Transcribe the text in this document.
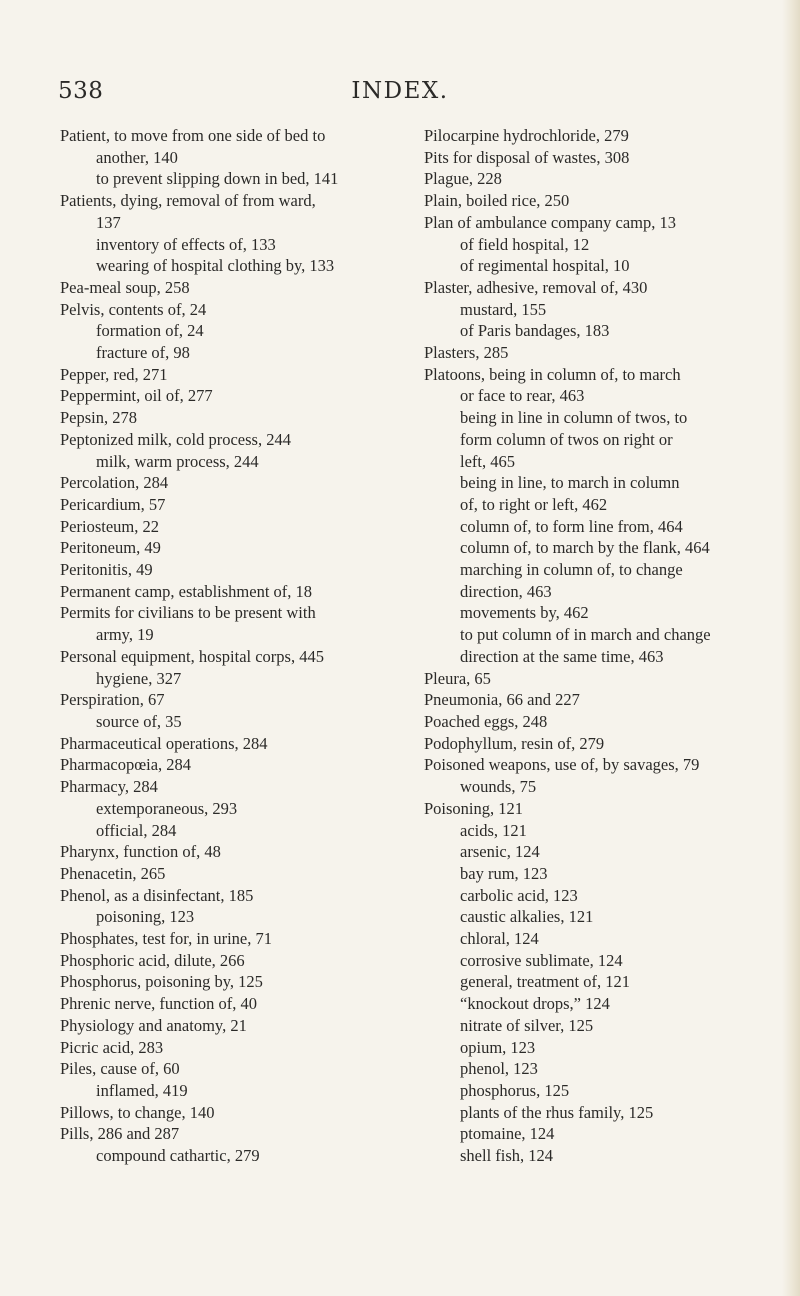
538	INDEX.
Patient, to move from one side of bed to
another, 140
to prevent slipping down in bed, 141
Patients, dying, removal of from ward,
137
inventory of effects of, 133
wearing of hospital clothing by, 133
Pea-meal soup, 258
Pelvis, contents of, 24
formation of, 24
fracture of, 98
Pepper, red, 271
Peppermint, oil of, 277
Pepsin, 278
Peptonized milk, cold process, 244
milk, warm process, 244
Percolation, 284
Pericardium, 57
Periosteum, 22
Peritoneum, 49
Peritonitis, 49
Permanent camp, establishment of, 18
Permits for civilians to be present with
army, 19
Personal equipment, hospital corps, 445
hygiene, 327
Perspiration, 67
source of, 35
Pharmaceutical operations, 284
Pharmacopœia, 284
Pharmacy, 284
extemporaneous, 293
official, 284
Pharynx, function of, 48
Phenacetin, 265
Phenol, as a disinfectant, 185
poisoning, 123
Phosphates, test for, in urine, 71
Phosphoric acid, dilute, 266
Phosphorus, poisoning by, 125
Phrenic nerve, function of, 40
Physiology and anatomy, 21
Picric acid, 283
Piles, cause of, 60
inflamed, 419
Pillows, to change, 140
Pills, 286 and 287
compound cathartic, 279
Pilocarpine hydrochloride, 279
Pits for disposal of wastes, 308
Plague, 228
Plain, boiled rice, 250
Plan of ambulance company camp, 13
of field hospital, 12
of regimental hospital, 10
Plaster, adhesive, removal of, 430
mustard, 155
of Paris bandages, 183
Plasters, 285
Platoons, being in column of, to march
or face to rear, 463
being in line in column of twos, to
form column of twos on right or
left, 465
being in line, to march in column
of, to right or left, 462
column of, to form line from, 464
column of, to march by the flank, 464
marching in column of, to change
direction, 463
movements by, 462
to put column of in march and change
direction at the same time, 463
Pleura, 65
Pneumonia, 66 and 227
Poached eggs, 248
Podophyllum, resin of, 279
Poisoned weapons, use of, by savages, 79
wounds, 75
Poisoning, 121
acids, 121
arsenic, 124
bay rum, 123
carbolic acid, 123
caustic alkalies, 121
chloral, 124
corrosive sublimate, 124
general, treatment of, 121
“knockout drops,” 124
nitrate of silver, 125
opium, 123
phenol, 123
phosphorus, 125
plants of the rhus family, 125
ptomaine, 124
shell fish, 124
